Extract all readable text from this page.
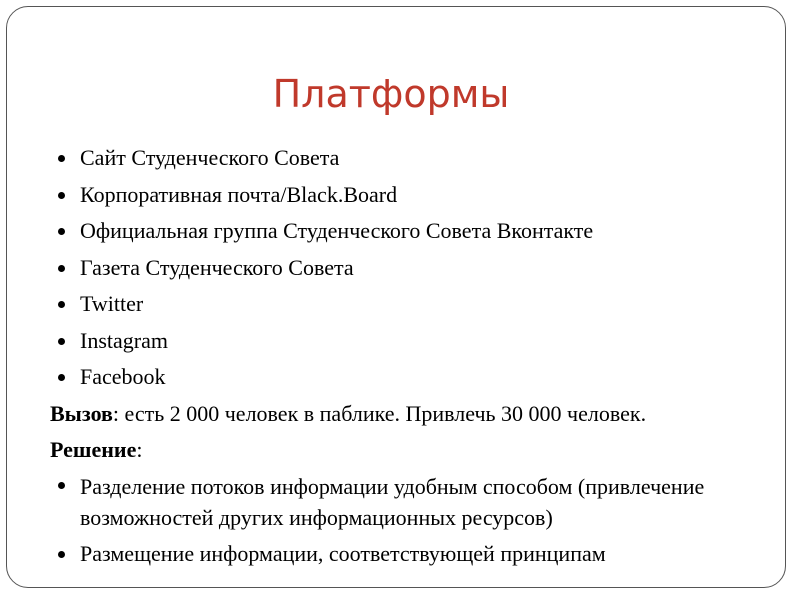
Платформы
Сайт Студенческого Совета
Корпоративная почта/Black.Board
Официальная группа Студенческого Совета Вконтакте
Газета Студенческого Совета
Twitter
Instagram
Facebook
Вызов: есть 2 000 человек в паблике. Привлечь 30 000 человек.
Решение:
Разделение потоков информации удобным способом (привлечение возможностей других информационных ресурсов)
Размещение информации, соответствующей принципам
